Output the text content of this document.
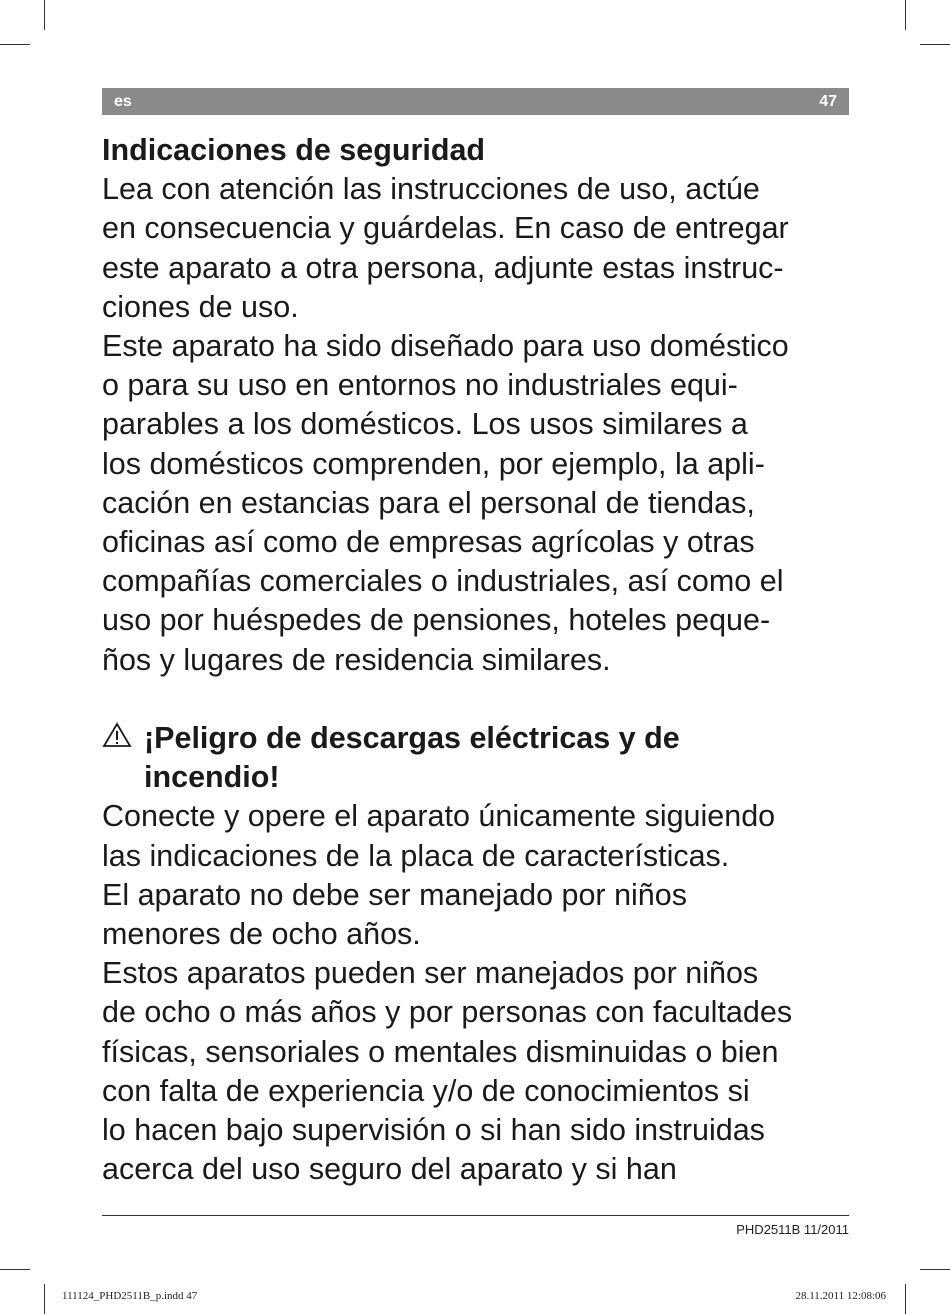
es	47

Indicaciones de seguridad

Lea con atención las instrucciones de uso, actúe

en consecuencia y guárdelas. En caso de entregar

este aparato a otra persona, adjunte estas instruc-

ciones de uso.

Este aparato ha sido diseñado para uso doméstico

o para su uso en entornos no industriales equi-

parables a los domésticos. Los usos similares a

los domésticos comprenden, por ejemplo, la apli-

cación en estancias para el personal de tiendas,

oficinas así como de empresas agrícolas y otras

compañías comerciales o industriales, así como el

uso por huéspedes de pensiones, hoteles peque-

ños y lugares de residencia similares.

¡Peligro de descargas eléctricas y de

incendio!

Conecte y opere el aparato únicamente siguiendo

las indicaciones de la placa de características.

El aparato no debe ser manejado por niños

menores de ocho años.

Estos aparatos pueden ser manejados por niños

de ocho o más años y por personas con facultades

físicas, sensoriales o mentales disminuidas o bien

con falta de experiencia y/o de conocimientos si

lo hacen bajo supervisión o si han sido instruidas

acerca del uso seguro del aparato y si han

PHD2511B 11/2011
111124_PHD2511B_p.indd 47	28.11.2011 12:08:06
